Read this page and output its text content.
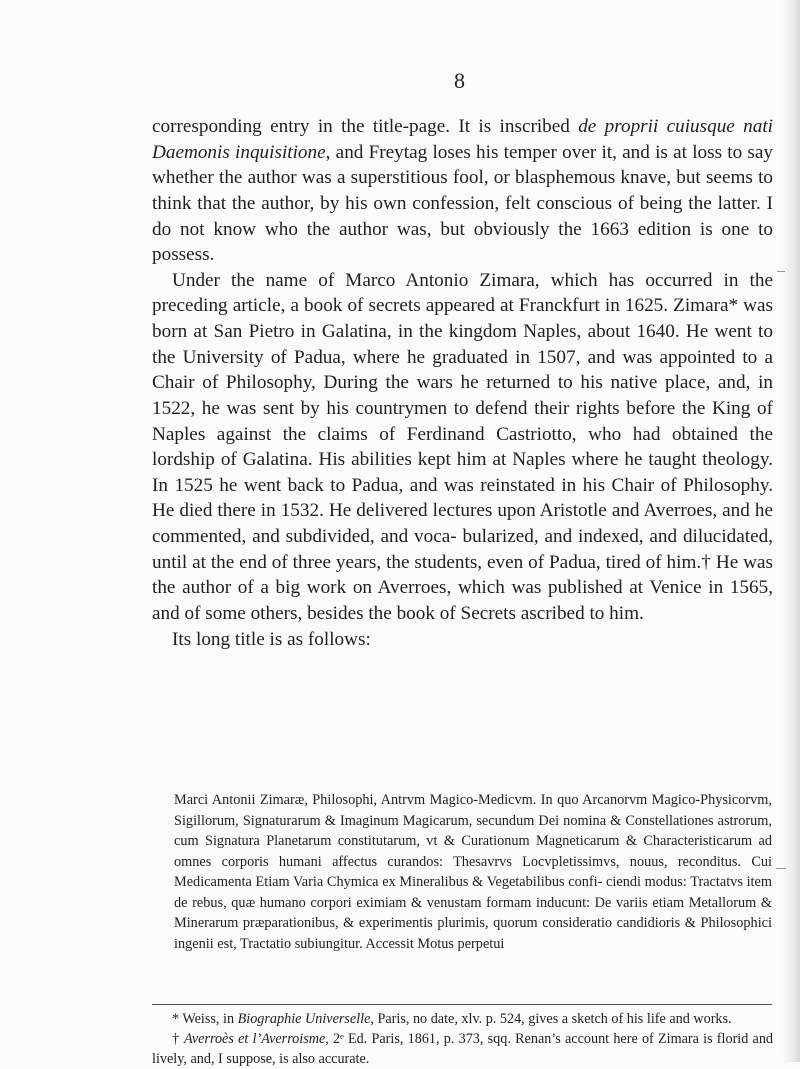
8

corresponding entry in the title-page. It is inscribed de proprii cuiusque nati Daemonis inquisitione, and Freytag loses his temper over it, and is at loss to say whether the author was a superstitious fool, or blasphemous knave, but seems to think that the author, by his own confession, felt conscious of being the latter. I do not know who the author was, but obviously the 1663 edition is one to possess.

Under the name of Marco Antonio Zimara, which has occurred in the preceding article, a book of secrets appeared at Franckfurt in 1625. Zimara* was born at San Pietro in Galatina, in the kingdom Naples, about 1640. He went to the University of Padua, where he graduated in 1507, and was appointed to a Chair of Philosophy, During the wars he returned to his native place, and, in 1522, he was sent by his countrymen to defend their rights before the King of Naples against the claims of Ferdinand Castriotto, who had obtained the lordship of Galatina. His abilities kept him at Naples where he taught theology. In 1525 he went back to Padua, and was reinstated in his Chair of Philosophy. He died there in 1532. He delivered lectures upon Aristotle and Averroes, and he commented, and subdivided, and voca- bularized, and indexed, and dilucidated, until at the end of three years, the students, even of Padua, tired of him.† He was the author of a big work on Averroes, which was published at Venice in 1565, and of some others, besides the book of Secrets ascribed to him.

Its long title is as follows:

Marci Antonii Zimaræ, Philosophi, Antrvm Magico-Medicvm. In quo Arcanorvm Magico-Physicorvm, Sigillorum, Signaturarum & Imaginum Magicarum, secundum Dei nomina & Constellationes astrorum, cum Signatura Planetarum constitutarum, vt & Curationum Magneticarum & Characteristicarum ad omnes corporis humani affectus curandos: Thesavrvs Locvpletissimvs, nouus, reconditus. Cui Medicamenta Etiam Varia Chymica ex Mineralibus & Vegetabilibus confi- ciendi modus: Tractatvs item de rebus, quæ humano corpori eximiam & venustam formam inducunt: De variis etiam Metallorum & Minerarum præparationibus, & experimentis plurimis, quorum consideratio candidioris & Philosophici ingenii est, Tractatio subiungitur. Accessit Motus perpetui

* Weiss, in Biographie Universelle, Paris, no date, xlv. p. 524, gives a sketch of his life and works.

† Averroès et l’Averroisme, 2ᵉ Ed. Paris, 1861, p. 373, sqq. Renan’s account here of Zimara is florid and lively, and, I suppose, is also accurate.
